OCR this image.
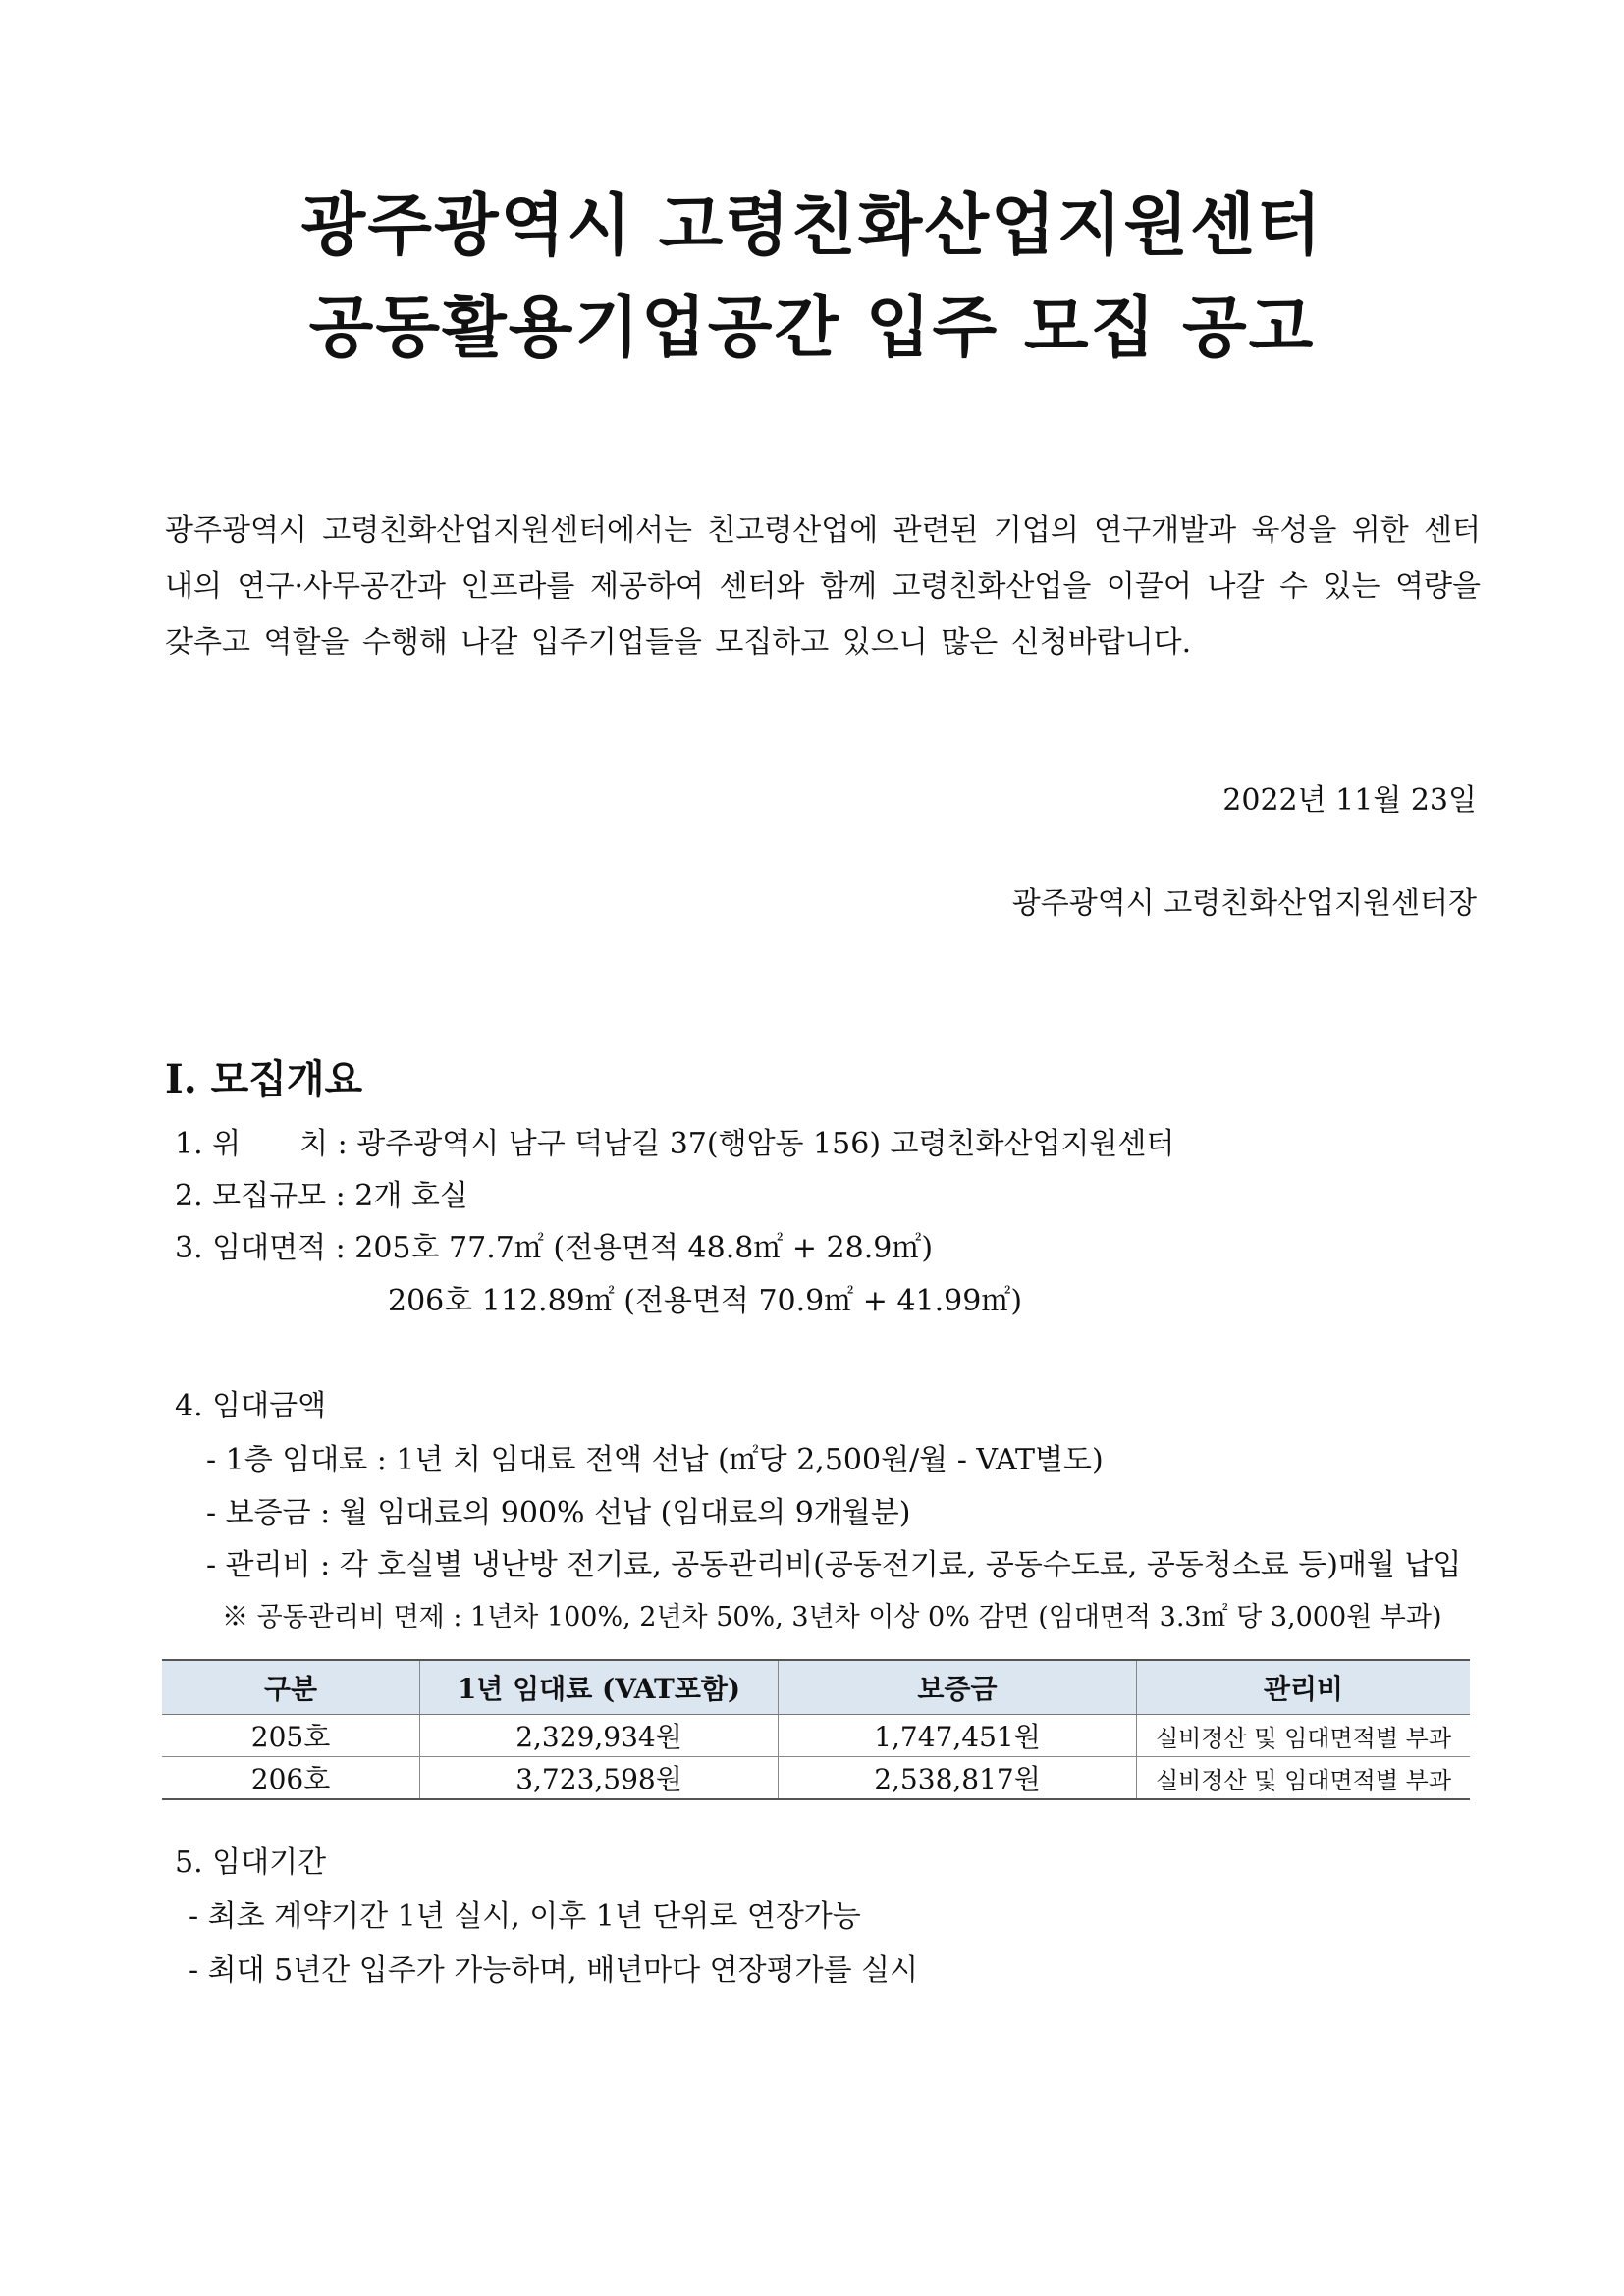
광주광역시 고령친화산업지원센터
공동활용기업공간 입주 모집 공고
광주광역시 고령친화산업지원센터에서는 친고령산업에 관련된 기업의 연구개발과 육성을 위한 센터내의 연구·사무공간과 인프라를 제공하여 센터와 함께 고령친화산업을 이끌어 나갈 수 있는 역량을 갖추고 역할을 수행해 나갈 입주기업들을 모집하고 있으니 많은 신청바랍니다.
2022년 11월 23일
광주광역시 고령친화산업지원센터장
Ⅰ. 모집개요
1. 위　　치 : 광주광역시 남구 덕남길 37(행암동 156) 고령친화산업지원센터
2. 모집규모 : 2개 호실
3. 임대면적 : 205호 77.7㎡ (전용면적 48.8㎡ + 28.9㎡)
206호 112.89㎡ (전용면적 70.9㎡ + 41.99㎡)
4. 임대금액
- 1층 임대료 : 1년 치 임대료 전액 선납 (㎡당 2,500원/월 - VAT별도)
- 보증금 : 월 임대료의 900% 선납 (임대료의 9개월분)
- 관리비 : 각 호실별 냉난방 전기료, 공동관리비(공동전기료, 공동수도료, 공동청소료 등)매월 납입
※ 공동관리비 면제 : 1년차 100%, 2년차 50%, 3년차 이상 0% 감면 (임대면적 3.3㎡ 당 3,000원 부과)
구분	1년 임대료 (VAT포함)	보증금	관리비
205호	2,329,934원	1,747,451원	실비정산 및 임대면적별 부과
206호	3,723,598원	2,538,817원	실비정산 및 임대면적별 부과
5. 임대기간
- 최초 계약기간 1년 실시, 이후 1년 단위로 연장가능
- 최대 5년간 입주가 가능하며, 배년마다 연장평가를 실시
